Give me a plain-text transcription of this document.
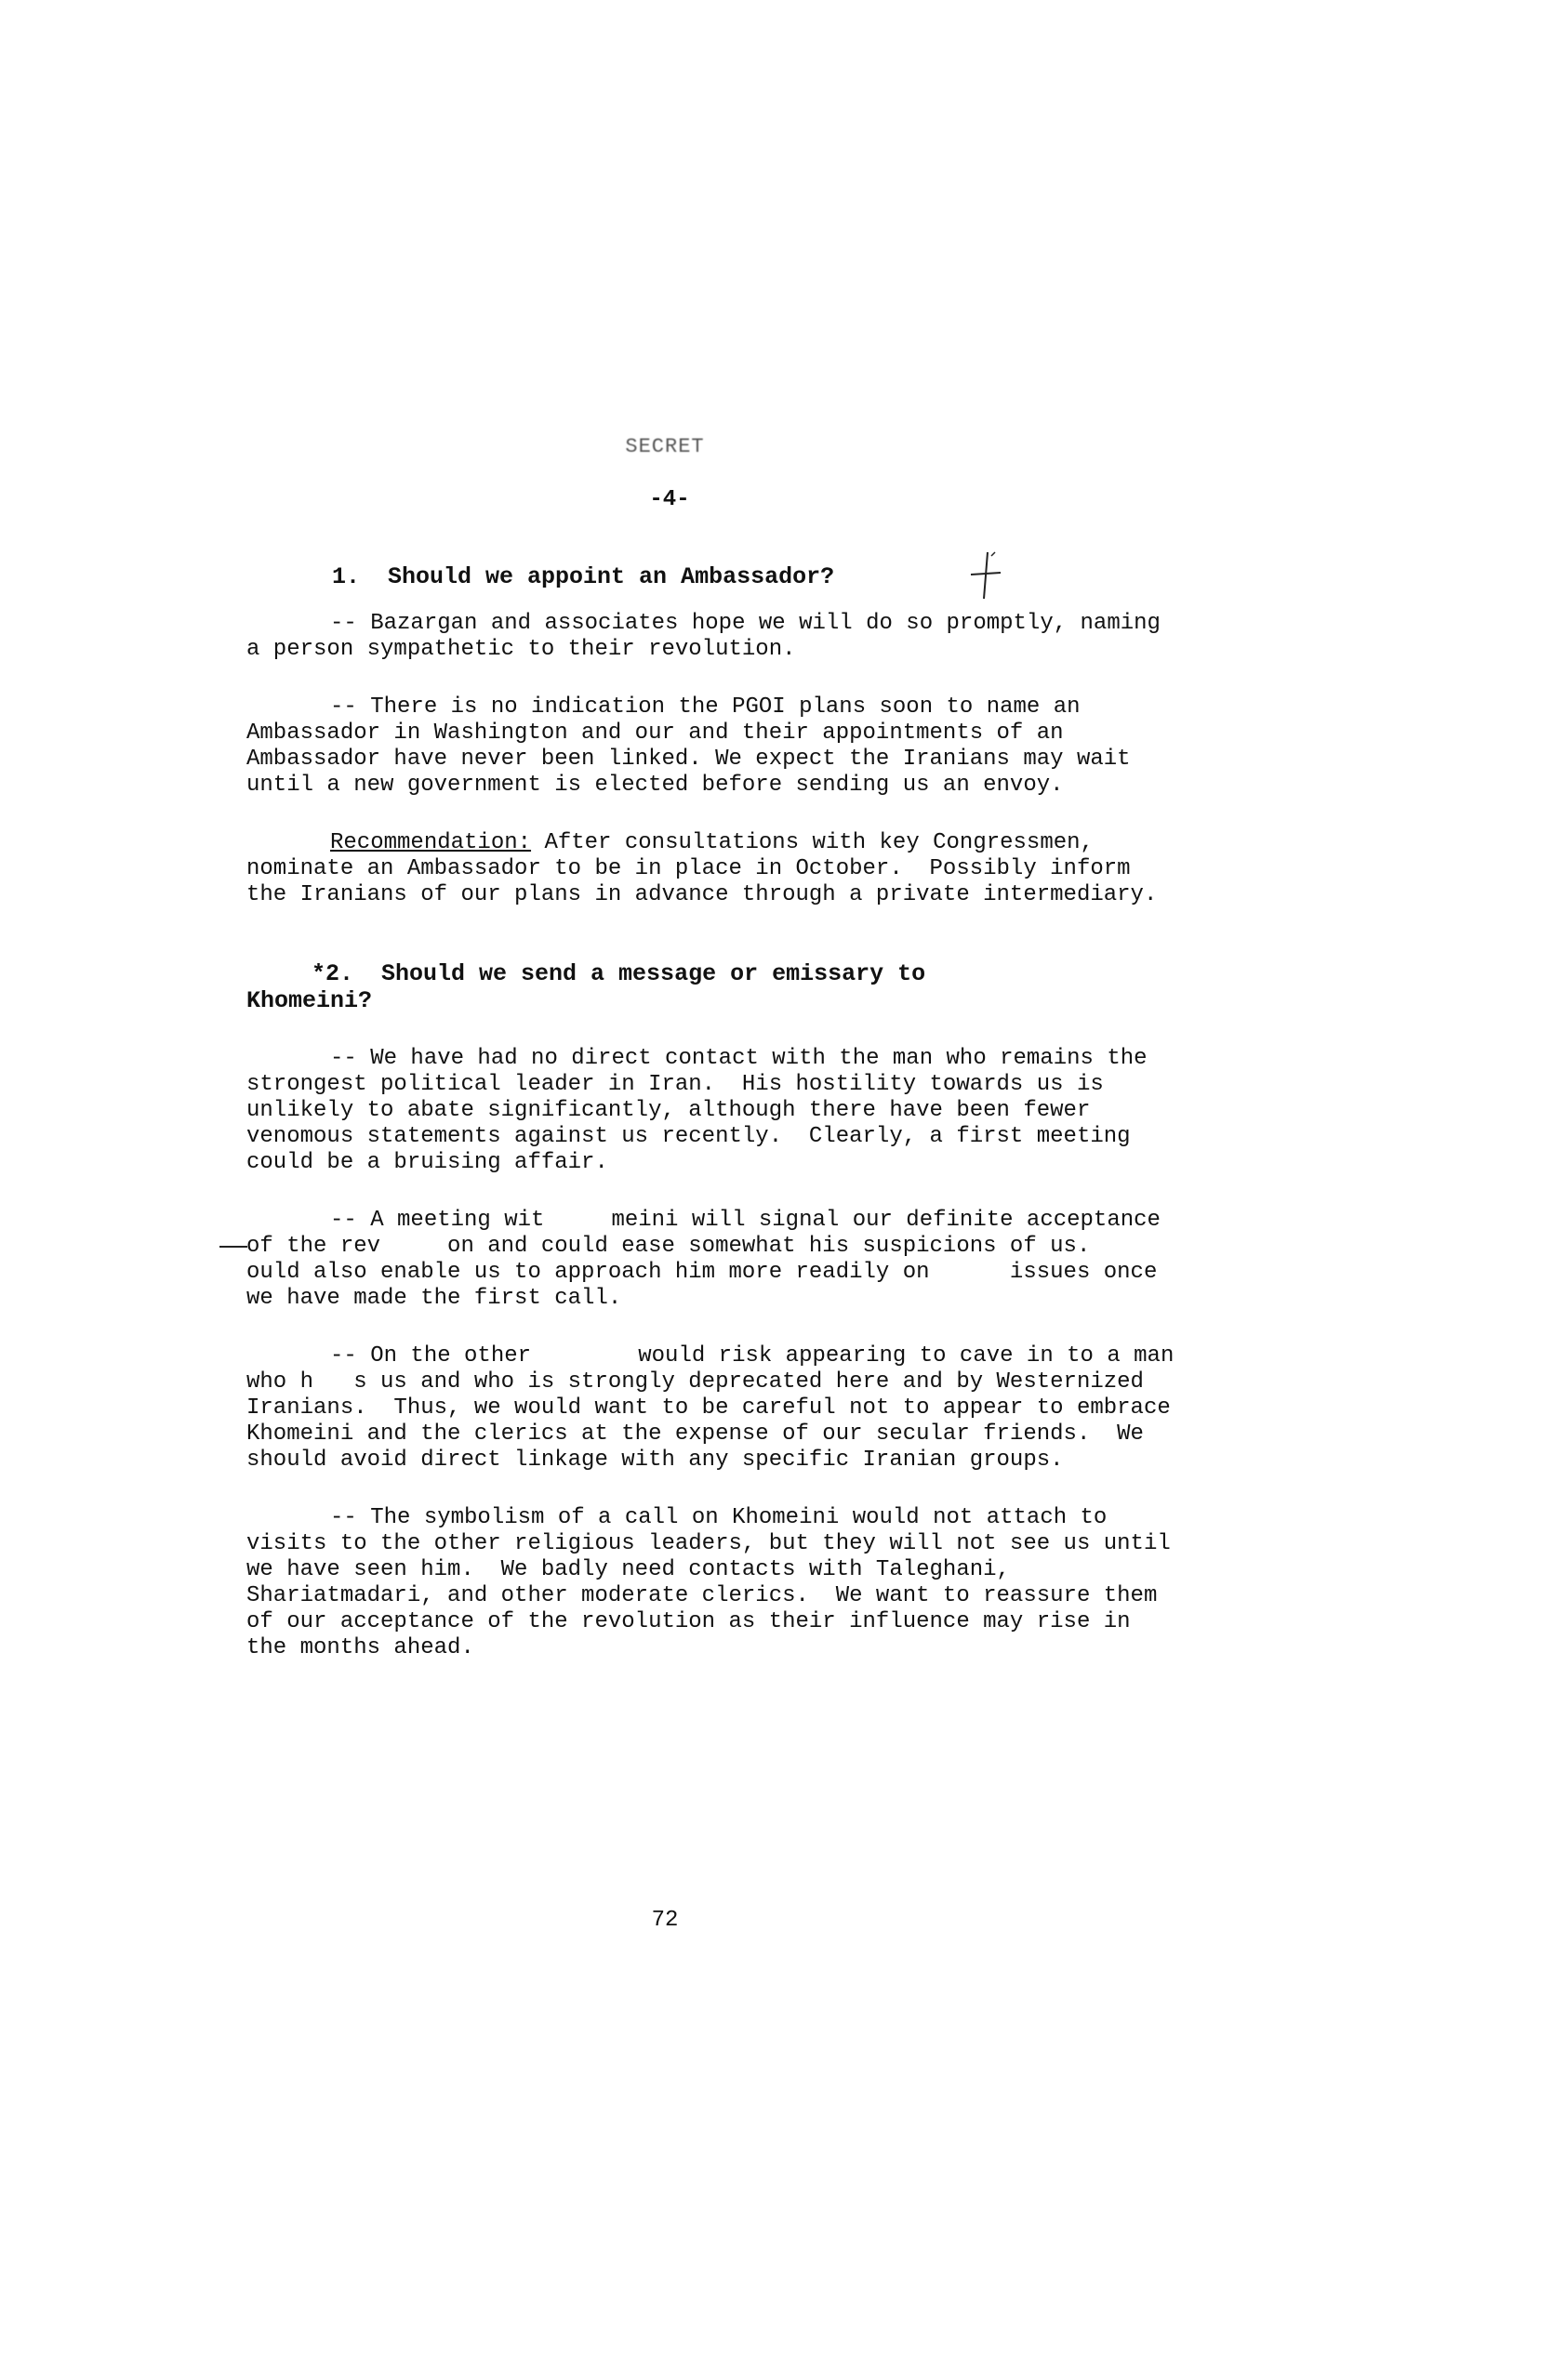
SECRET
-4-

1.  Should we appoint an Ambassador?

-- Bazargan and associates hope we will do so promptly, naming a person sympathetic to their revolution.

-- There is no indication the PGOI plans soon to name an Ambassador in Washington and our and their appointments of an Ambassador have never been linked. We expect the Iranians may wait until a new government is elected before sending us an envoy.

Recommendation: After consultations with key Congressmen, nominate an Ambassador to be in place in October.  Possibly inform the Iranians of our plans in advance through a private intermediary.

*2.  Should we send a message or emissary to

Khomeini?

-- We have had no direct contact with the man who remains the strongest political leader in Iran.  His hostility towards us is unlikely to abate significantly, although there have been fewer venomous statements against us recently.  Clearly, a first meeting could be a bruising affair.

-- A meeting wit     meini will signal our definite acceptance of the rev     on and could ease somewhat his suspicions of us.     ould also enable us to approach him more readily on      issues once we have made the first call.

-- On the other        would risk appearing to cave in to a man who h   s us and who is strongly deprecated here and by Westernized Iranians.  Thus, we would want to be careful not to appear to embrace Khomeini and the clerics at the expense of our secular friends.  We should avoid direct linkage with any specific Iranian groups.

-- The symbolism of a call on Khomeini would not attach to visits to the other religious leaders, but they will not see us until we have seen him.  We badly need contacts with Taleghani, Shariatmadari, and other moderate clerics.  We want to reassure them of our acceptance of the revolution as their influence may rise in the months ahead.

72
